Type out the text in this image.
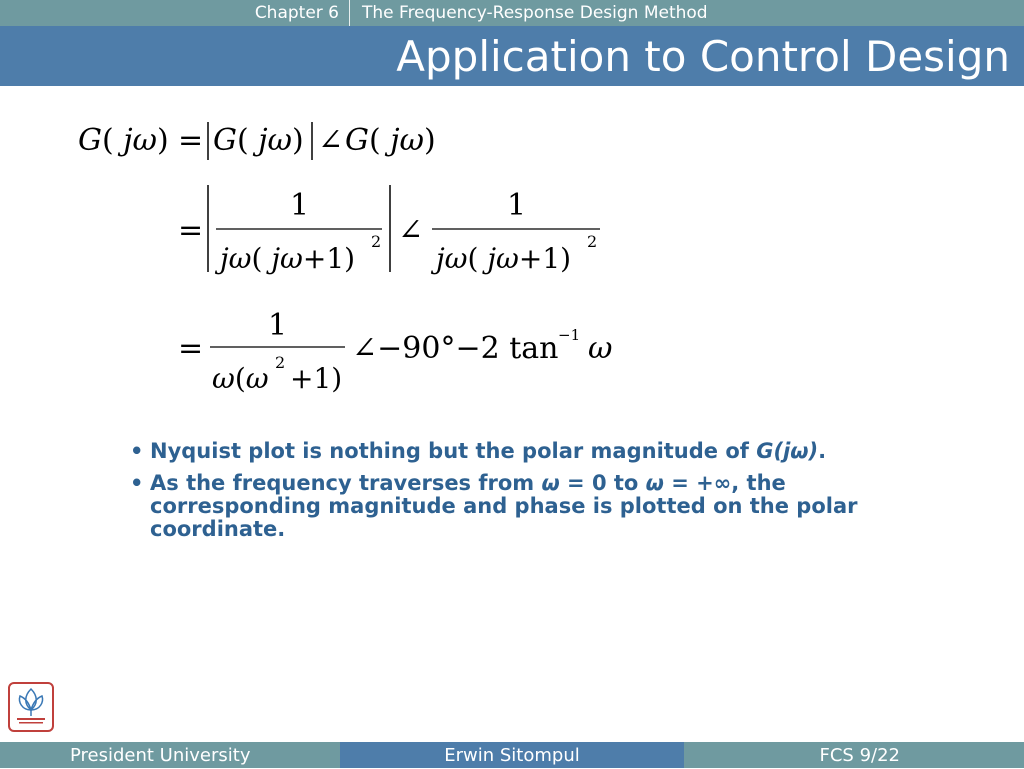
Chapter 6	The Frequency-Response Design Method
Application to Control Design
G( jω) = G( jω) ∠ G( jω)
=
1
jω( jω+1)
2 ∠
1
jω( jω+1)
2
=
1
ω(ω 2 +1)
∠−90°−2 tan −1 ω
• Nyquist plot is nothing but the polar magnitude of G(jω).
• As the frequency traverses from ω = 0 to ω = +∞, the corresponding magnitude and phase is plotted on the polar coordinate.
President University	Erwin Sitompul	FCS 9/22
